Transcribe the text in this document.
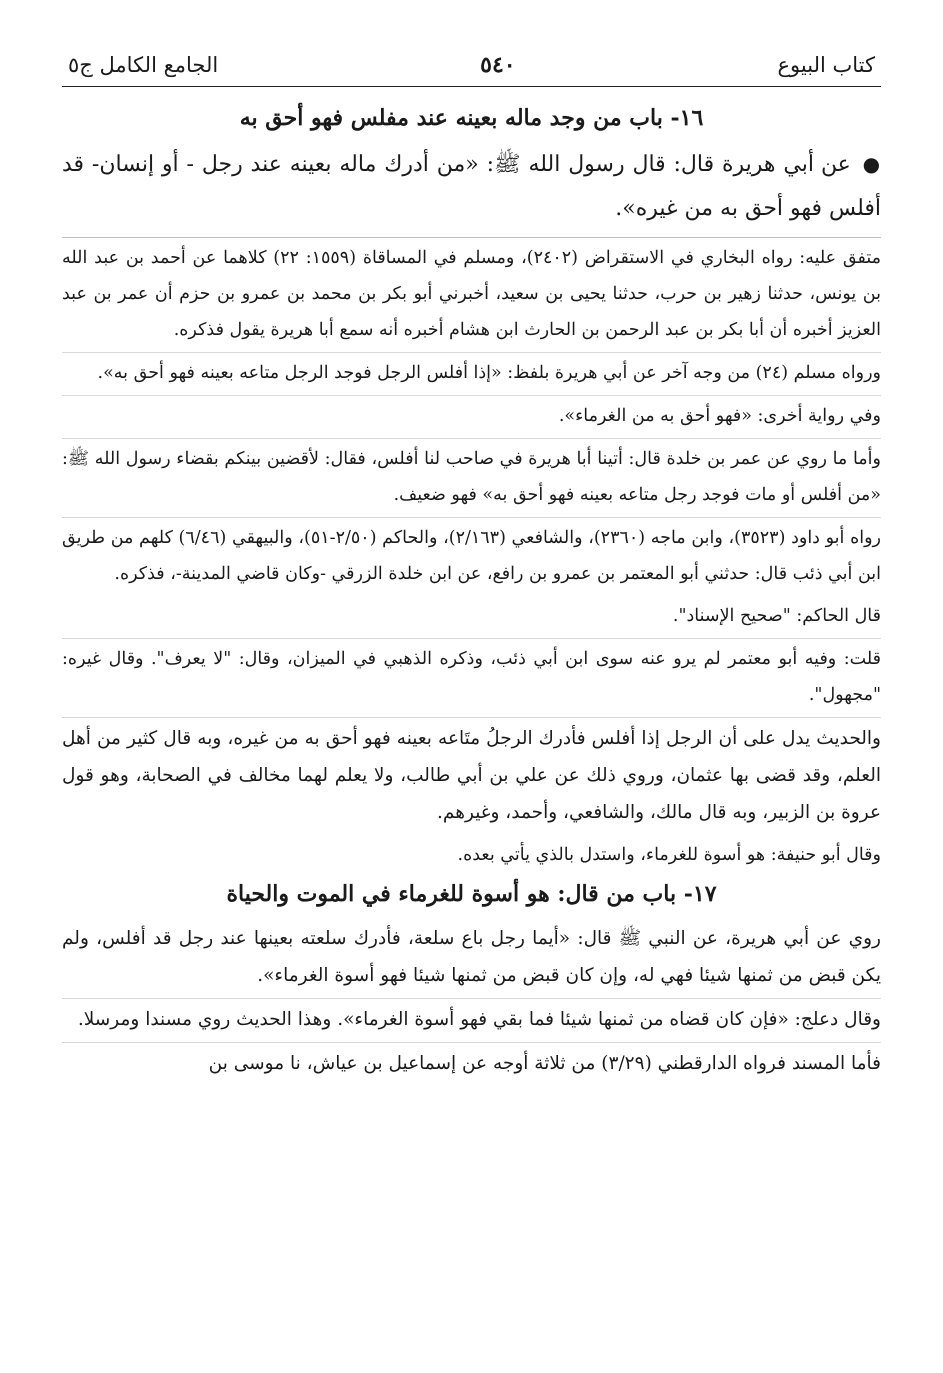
كتاب البيوع
٥٤٠
الجامع الكامل ج٥
١٦- باب من وجد ماله بعينه عند مفلس فهو أحق به

● عن أبي هريرة قال: قال رسول الله ﷺ: «من أدرك ماله بعينه عند رجل - أو إنسان- قد أفلس فهو أحق به من غيره».

متفق عليه: رواه البخاري في الاستقراض (٢٤٠٢)، ومسلم في المساقاة (١٥٥٩: ٢٢) كلاهما عن أحمد بن عبد الله بن يونس، حدثنا زهير بن حرب، حدثنا يحيى بن سعيد، أخبرني أبو بكر بن محمد بن عمرو بن حزم أن عمر بن عبد العزيز أخبره أن أبا بكر بن عبد الرحمن بن الحارث ابن هشام أخبره أنه سمع أبا هريرة يقول فذكره.

ورواه مسلم (٢٤) من وجه آخر عن أبي هريرة بلفظ: «إذا أفلس الرجل فوجد الرجل متاعه بعينه فهو أحق به».

وفي رواية أخرى: «فهو أحق به من الغرماء».

وأما ما روي عن عمر بن خلدة قال: أتينا أبا هريرة في صاحب لنا أفلس، فقال: لأقضين بينكم بقضاء رسول الله ﷺ: «من أفلس أو مات فوجد رجل متاعه بعينه فهو أحق به» فهو ضعيف.

رواه أبو داود (٣٥٢٣)، وابن ماجه (٢٣٦٠)، والشافعي (٢/١٦٣)، والحاكم (٢/٥٠-٥١)، والبيهقي (٦/٤٦) كلهم من طريق ابن أبي ذئب قال: حدثني أبو المعتمر بن عمرو بن رافع، عن ابن خلدة الزرقي -وكان قاضي المدينة-، فذكره.

قال الحاكم: "صحيح الإسناد".

قلت: وفيه أبو معتمر لم يرو عنه سوى ابن أبي ذئب، وذكره الذهبي في الميزان، وقال: "لا يعرف". وقال غيره: "مجهول".

والحديث يدل على أن الرجل إذا أفلس فأدرك الرجلُ متَاعه بعينه فهو أحق به من غيره، وبه قال كثير من أهل العلم، وقد قضى بها عثمان، وروي ذلك عن علي بن أبي طالب، ولا يعلم لهما مخالف في الصحابة، وهو قول عروة بن الزبير، وبه قال مالك، والشافعي، وأحمد، وغيرهم.

وقال أبو حنيفة: هو أسوة للغرماء، واستدل بالذي يأتي بعده.

١٧- باب من قال: هو أسوة للغرماء في الموت والحياة

روي عن أبي هريرة، عن النبي ﷺ قال: «أيما رجل باع سلعة، فأدرك سلعته بعينها عند رجل قد أفلس، ولم يكن قبض من ثمنها شيئا فهي له، وإن كان قبض من ثمنها شيئا فهو أسوة الغرماء».

وقال دعلج: «فإن كان قضاه من ثمنها شيئا فما بقي فهو أسوة الغرماء». وهذا الحديث روي مسندا ومرسلا.

فأما المسند فرواه الدارقطني (٣/٢٩) من ثلاثة أوجه عن إسماعيل بن عياش، نا موسى بن
